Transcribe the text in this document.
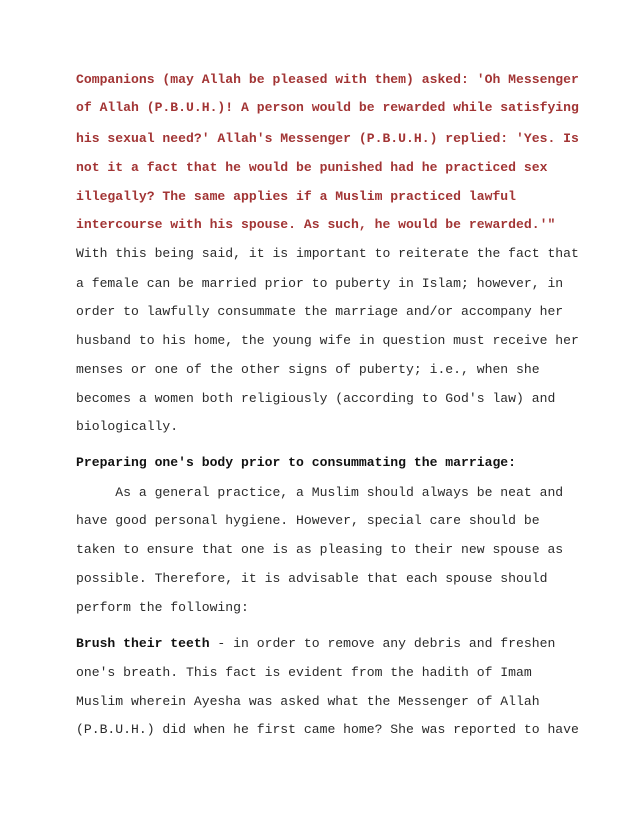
Companions (may Allah be pleased with them) asked: 'Oh Messenger

of Allah (P.B.U.H.)! A person would be rewarded while satisfying

his sexual need?' Allah's Messenger (P.B.U.H.) replied: 'Yes. Is

not it a fact that he would be punished had he practiced sex

illegally? The same applies if a Muslim practiced lawful

intercourse with his spouse. As such, he would be rewarded.'"

With this being said, it is important to reiterate the fact that

a female can be married prior to puberty in Islam; however, in

order to lawfully consummate the marriage and/or accompany her

husband to his home, the young wife in question must receive her

menses or one of the other signs of puberty; i.e., when she

becomes a women both religiously (according to God's law) and

biologically.

Preparing one's body prior to consummating the marriage:

As a general practice, a Muslim should always be neat and

have good personal hygiene. However, special care should be

taken to ensure that one is as pleasing to their new spouse as

possible. Therefore, it is advisable that each spouse should

perform the following:

Brush their teeth - in order to remove any debris and freshen

one's breath. This fact is evident from the hadith of Imam

Muslim wherein Ayesha was asked what the Messenger of Allah

(P.B.U.H.) did when he first came home? She was reported to have
